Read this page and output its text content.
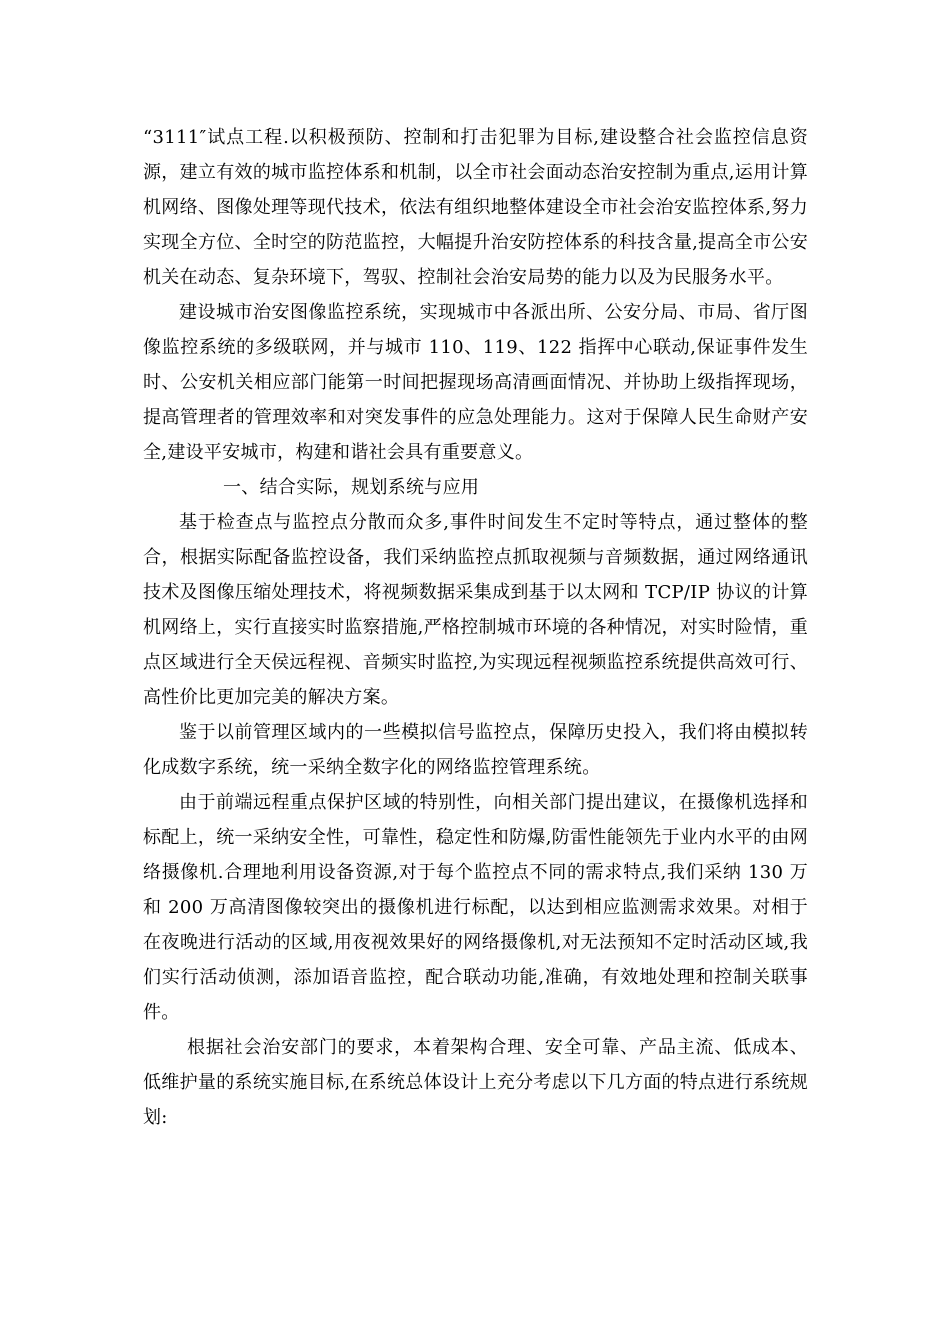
“3111″试点工程.以积极预防、控制和打击犯罪为目标,建设整合社会监控信息资源，建立有效的城市监控体系和机制，以全市社会面动态治安控制为重点,运用计算机网络、图像处理等现代技术，依法有组织地整体建设全市社会治安监控体系,努力实现全方位、全时空的防范监控，大幅提升治安防控体系的科技含量,提高全市公安机关在动态、复杂环境下，驾驭、控制社会治安局势的能力以及为民服务水平。

建设城市治安图像监控系统，实现城市中各派出所、公安分局、市局、省厅图像监控系统的多级联网，并与城市 110、119、122 指挥中心联动,保证事件发生时、公安机关相应部门能第一时间把握现场高清画面情况、并协助上级指挥现场，提高管理者的管理效率和对突发事件的应急处理能力。这对于保障人民生命财产安全,建设平安城市，构建和谐社会具有重要意义。

一、结合实际，规划系统与应用

基于检查点与监控点分散而众多,事件时间发生不定时等特点，通过整体的整合，根据实际配备监控设备，我们采纳监控点抓取视频与音频数据，通过网络通讯技术及图像压缩处理技术，将视频数据采集成到基于以太网和 TCP/IP 协议的计算机网络上，实行直接实时监察措施,严格控制城市环境的各种情况，对实时险情，重点区域进行全天侯远程视、音频实时监控,为实现远程视频监控系统提供高效可行、高性价比更加完美的解决方案。

鉴于以前管理区域内的一些模拟信号监控点，保障历史投入，我们将由模拟转化成数字系统，统一采纳全数字化的网络监控管理系统。

由于前端远程重点保护区域的特别性，向相关部门提出建议，在摄像机选择和标配上，统一采纳安全性，可靠性，稳定性和防爆,防雷性能领先于业内水平的由网络摄像机.合理地利用设备资源,对于每个监控点不同的需求特点,我们采纳 130 万和 200 万高清图像较突出的摄像机进行标配，以达到相应监测需求效果。对相于在夜晚进行活动的区域,用夜视效果好的网络摄像机,对无法预知不定时活动区域,我们实行活动侦测，添加语音监控，配合联动功能,准确，有效地处理和控制关联事件。

根据社会治安部门的要求，本着架构合理、安全可靠、产品主流、低成本、低维护量的系统实施目标,在系统总体设计上充分考虑以下几方面的特点进行系统规划:
